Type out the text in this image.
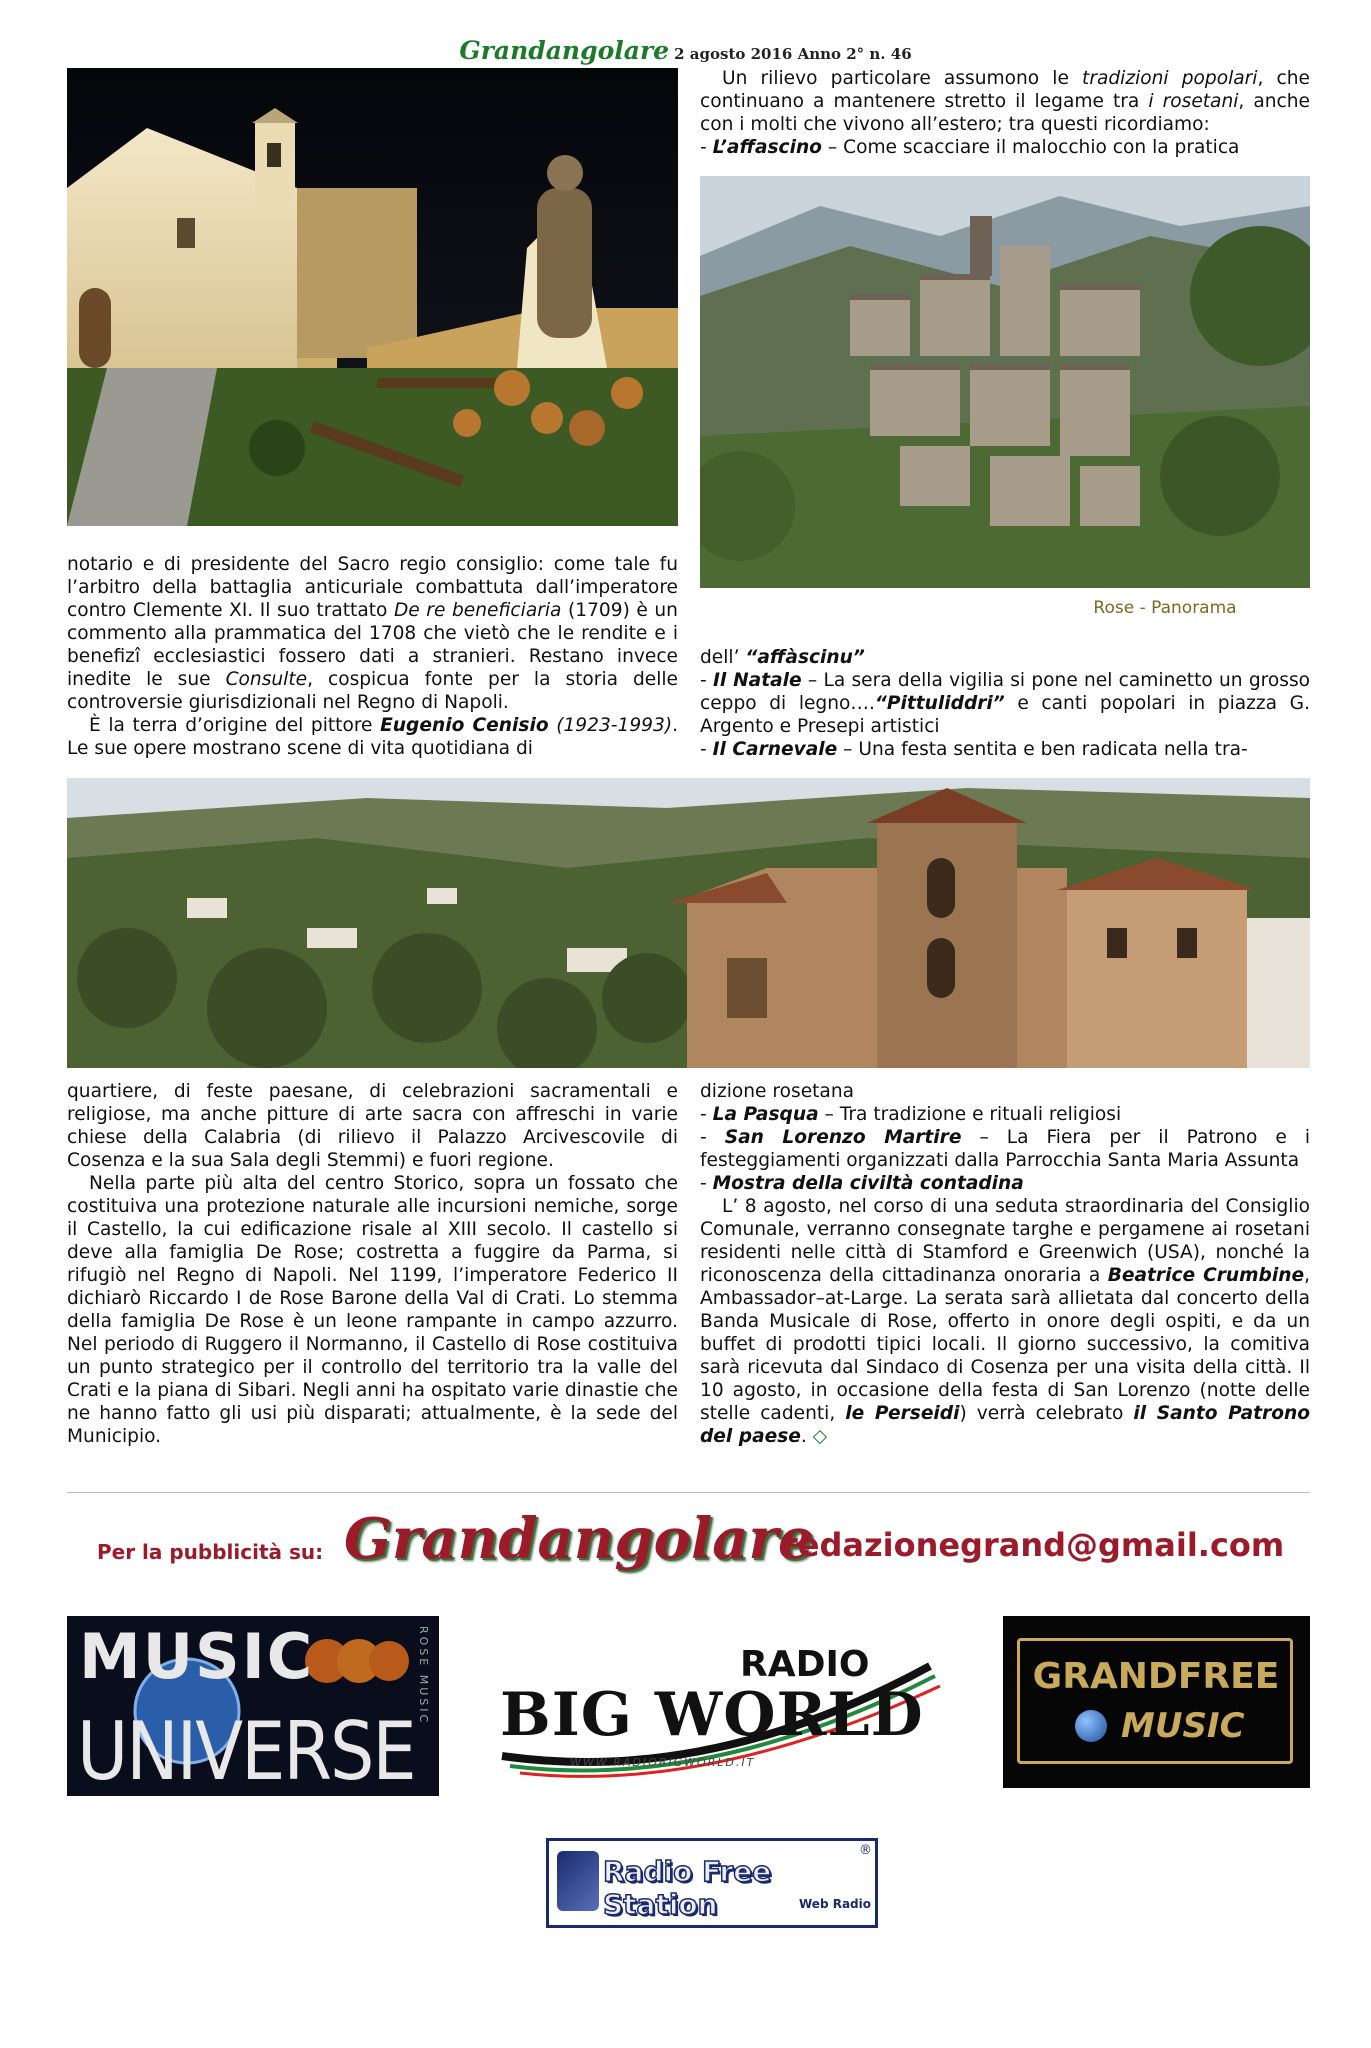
Grandangolare 2 agosto 2016 Anno 2° n. 46

Un rilievo particolare assumono le tradizioni popolari, che continuano a mantenere stretto il legame tra i rosetani, anche con i molti che vivono all’estero; tra questi ricordiamo:

- L’affascino – Come scacciare il malocchio con la pratica

Rose - Panorama

notario e di presidente del Sacro regio consiglio: come tale fu l’arbitro della battaglia anticuriale combattuta dall’imperatore contro Clemente XI. Il suo trattato De re beneficiaria (1709) è un commento alla prammatica del 1708 che vietò che le rendite e i benefizî ecclesiastici fossero dati a stranieri. Restano invece inedite le sue Consulte, cospicua fonte per la storia delle controversie giurisdizionali nel Regno di Napoli.

È la terra d’origine del pittore Eugenio Cenisio (1923-1993). Le sue opere mostrano scene di vita quotidiana di

dell’ “affàscinu”

- Il Natale – La sera della vigilia si pone nel caminetto un grosso ceppo di legno….“Pittuliddri” e canti popolari in piazza G. Argento e Presepi artistici

- Il Carnevale – Una festa sentita e ben radicata nella tra-

quartiere, di feste paesane, di celebrazioni sacramentali e religiose, ma anche pitture di arte sacra con affreschi in varie chiese della Calabria (di rilievo il Palazzo Arcivescovile di Cosenza e la sua Sala degli Stemmi) e fuori regione.

Nella parte più alta del centro Storico, sopra un fossato che costituiva una protezione naturale alle incursioni nemiche, sorge il Castello, la cui edificazione risale al XIII secolo. Il castello si deve alla famiglia De Rose; costretta a fuggire da Parma, si rifugiò nel Regno di Napoli. Nel 1199, l’imperatore Federico II dichiarò Riccardo I de Rose Barone della Val di Crati. Lo stemma della famiglia De Rose è un leone rampante in campo azzurro. Nel periodo di Ruggero il Normanno, il Castello di Rose costituiva un punto strategico per il controllo del territorio tra la valle del Crati e la piana di Sibari. Negli anni ha ospitato varie dinastie che ne hanno fatto gli usi più disparati; attualmente, è la sede del Municipio.

dizione rosetana

- La Pasqua – Tra tradizione e rituali religiosi

- San Lorenzo Martire – La Fiera per il Patrono e i festeggiamenti organizzati dalla Parrocchia Santa Maria Assunta

- Mostra della civiltà contadina

L’ 8 agosto, nel corso di una seduta straordinaria del Consiglio Comunale, verranno consegnate targhe e pergamene ai rosetani residenti nelle città di Stamford e Greenwich (USA), nonché la riconoscenza della cittadinanza onoraria a Beatrice Crumbine, Ambassador–at-Large. La serata sarà allietata dal concerto della Banda Musicale di Rose, offerto in onore degli ospiti, e da un buffet di prodotti tipici locali. Il giorno successivo, la comitiva sarà ricevuta dal Sindaco di Cosenza per una visita della città. Il 10 agosto, in occasione della festa di San Lorenzo (notte delle stelle cadenti, le Perseidi) verrà celebrato il Santo Patrono del paese. ◇

Per la pubblicità su: Grandangolare
redazionegrand@gmail.com
MUSIC
UNIVERSE
ROSE MUSIC	RADIO
BIG WORLD
WWW.RADIOBIGWORLD.IT
GRANDFREE
MUSIC
Radio Free Station	Web Radio
®
